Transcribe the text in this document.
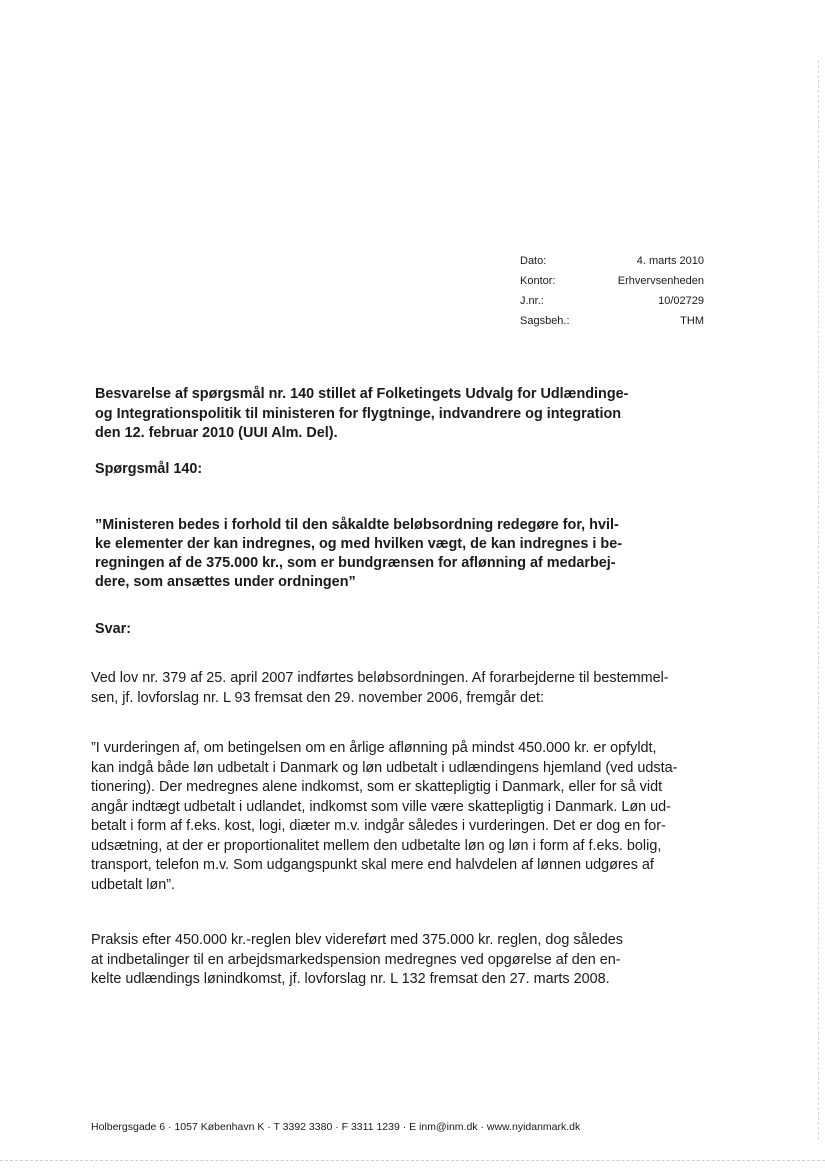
Dato:	4. marts 2010
Kontor:	Erhvervsenheden
J.nr.:	10/02729
Sagsbeh.:	THM
Besvarelse af spørgsmål nr. 140 stillet af Folketingets Udvalg for Udlændinge-
og Integrationspolitik til ministeren for flygtninge, indvandrere og integration
den 12. februar 2010 (UUI Alm. Del).
Spørgsmål 140:
”Ministeren bedes i forhold til den såkaldte beløbsordning redegøre for, hvil-
ke elementer der kan indregnes, og med hvilken vægt, de kan indregnes i be-
regningen af de 375.000 kr., som er bundgrænsen for aflønning af medarbej-
dere, som ansættes under ordningen”
Svar:
Ved lov nr. 379 af 25. april 2007 indførtes beløbsordningen. Af forarbejderne til bestemmel-
sen, jf. lovforslag nr. L 93 fremsat den 29. november 2006, fremgår det:
”I vurderingen af, om betingelsen om en årlige aflønning på mindst 450.000 kr. er opfyldt,
kan indgå både løn udbetalt i Danmark og løn udbetalt i udlændingens hjemland (ved udsta-
tionering). Der medregnes alene indkomst, som er skattepligtig i Danmark, eller for så vidt
angår indtægt udbetalt i udlandet, indkomst som ville være skattepligtig i Danmark. Løn ud-
betalt i form af f.eks. kost, logi, diæter m.v. indgår således i vurderingen. Det er dog en for-
udsætning, at der er proportionalitet mellem den udbetalte løn og løn i form af f.eks. bolig,
transport, telefon m.v. Som udgangspunkt skal mere end halvdelen af lønnen udgøres af
udbetalt løn”.
Praksis efter 450.000 kr.-reglen blev videreført med 375.000 kr. reglen, dog således
at indbetalinger til en arbejdsmarkedspension medregnes ved opgørelse af den en-
kelte udlændings lønindkomst, jf. lovforslag nr. L 132 fremsat den 27. marts 2008.
Holbergsgade 6 · 1057 København K · T 3392 3380 · F 3311 1239 · E inm@inm.dk · www.nyidanmark.dk
